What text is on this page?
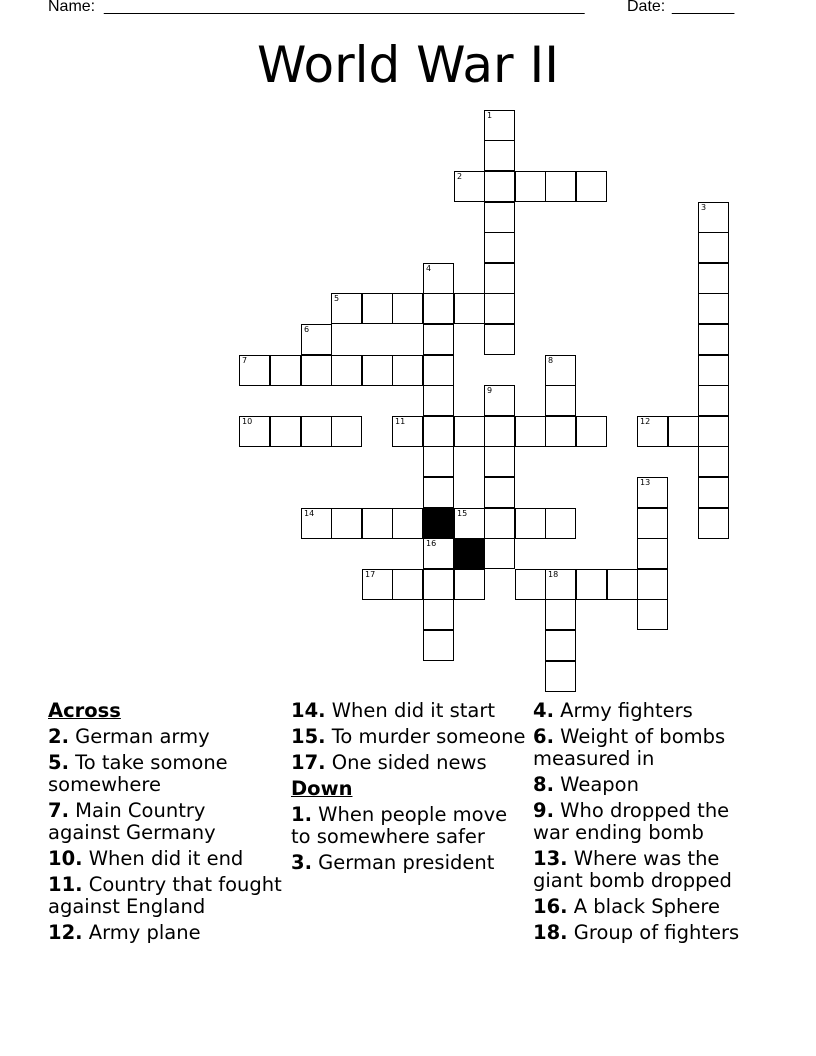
Name: ______________________________________________________	Date: _______
World War II
1
2
3
4
5
6
7	8
9
10	11	12
13
14	15
16
17	18
Across
2. German army
5. To take somone somewhere
7. Main Country against Germany
10. When did it end
11. Country that fought against England
12. Army plane
14. When did it start
15. To murder someone
17. One sided news
Down
1. When people move to somewhere safer
3. German president
4. Army fighters
6. Weight of bombs measured in
8. Weapon
9. Who dropped the war ending bomb
13. Where was the giant bomb dropped
16. A black Sphere
18. Group of fighters
